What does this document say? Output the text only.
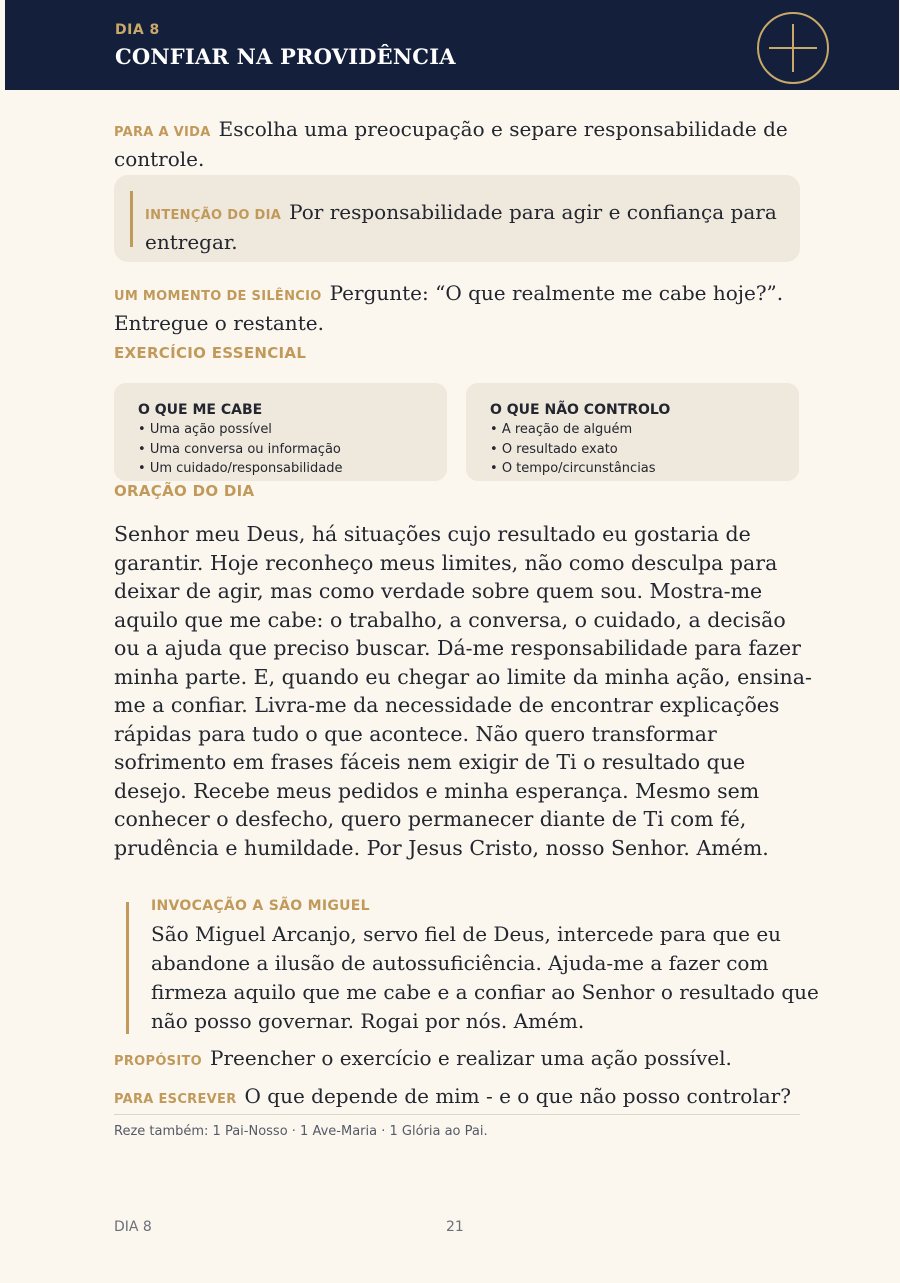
DIA 8
CONFIAR NA PROVIDÊNCIA
PARA A VIDA Escolha uma preocupação e separe responsabilidade de controle.
INTENÇÃO DO DIA Por responsabilidade para agir e confiança para entregar.
UM MOMENTO DE SILÊNCIO Pergunte: “O que realmente me cabe hoje?”. Entregue o restante.
EXERCÍCIO ESSENCIAL
O QUE ME CABE
• Uma ação possível
• Uma conversa ou informação
• Um cuidado/responsabilidade
O QUE NÃO CONTROLO
• A reação de alguém
• O resultado exato
• O tempo/circunstâncias
ORAÇÃO DO DIA
Senhor meu Deus, há situações cujo resultado eu gostaria de garantir. Hoje reconheço meus limites, não como desculpa para deixar de agir, mas como verdade sobre quem sou. Mostra-me aquilo que me cabe: o trabalho, a conversa, o cuidado, a decisão ou a ajuda que preciso buscar. Dá-me responsabilidade para fazer minha parte. E, quando eu chegar ao limite da minha ação, ensina-me a confiar. Livra-me da necessidade de encontrar explicações rápidas para tudo o que acontece. Não quero transformar sofrimento em frases fáceis nem exigir de Ti o resultado que desejo. Recebe meus pedidos e minha esperança. Mesmo sem conhecer o desfecho, quero permanecer diante de Ti com fé, prudência e humildade. Por Jesus Cristo, nosso Senhor. Amém.
INVOCAÇÃO A SÃO MIGUEL
São Miguel Arcanjo, servo fiel de Deus, intercede para que eu abandone a ilusão de autossuficiência. Ajuda-me a fazer com firmeza aquilo que me cabe e a confiar ao Senhor o resultado que não posso governar. Rogai por nós. Amém.
PROPÓSITO Preencher o exercício e realizar uma ação possível.
PARA ESCREVER O que depende de mim - e o que não posso controlar?
Reze também: 1 Pai-Nosso · 1 Ave-Maria · 1 Glória ao Pai.
DIA 8	21
